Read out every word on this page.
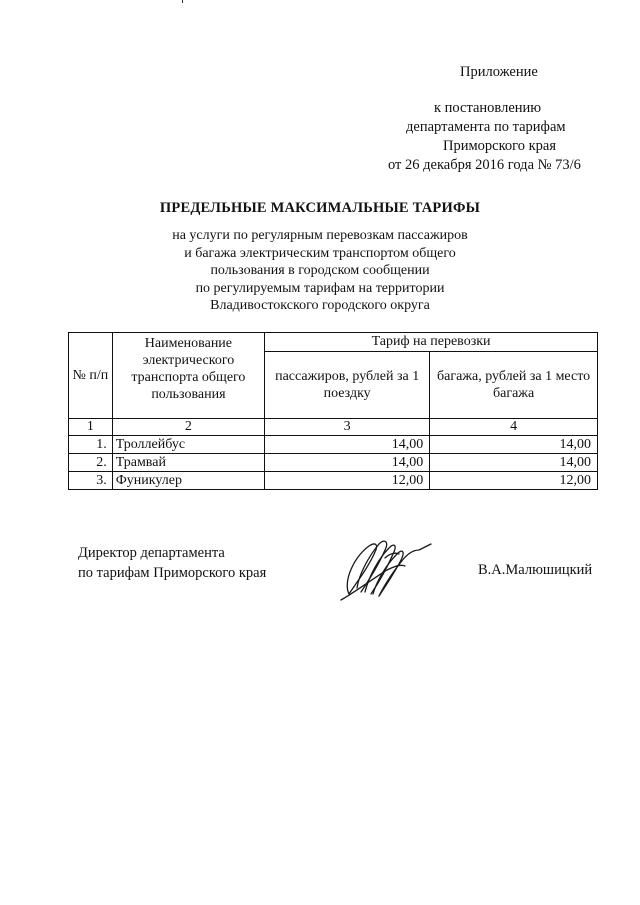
Приложение
к постановлению
департамента по тарифам
Приморского края
от 26 декабря 2016 года № 73/6
ПРЕДЕЛЬНЫЕ МАКСИМАЛЬНЫЕ ТАРИФЫ
на услуги по регулярным перевозкам пассажиров
и багажа электрическим транспортом общего
пользования в городском сообщении
по регулируемым тарифам на территории
Владивостокского городского округа
№ п/п	Наименование электрического транспорта общего пользования	Тариф на перевозки	
		пассажиров, рублей за 1 поездку	багажа, рублей за 1 место багажа
1	2	3	4
1.	Троллейбус	14,00	14,00
2.	Трамвай	14,00	14,00
3.	Фуникулер	12,00	12,00
Директор департамента
по тарифам Приморского края	В.А.Малюшицкий
